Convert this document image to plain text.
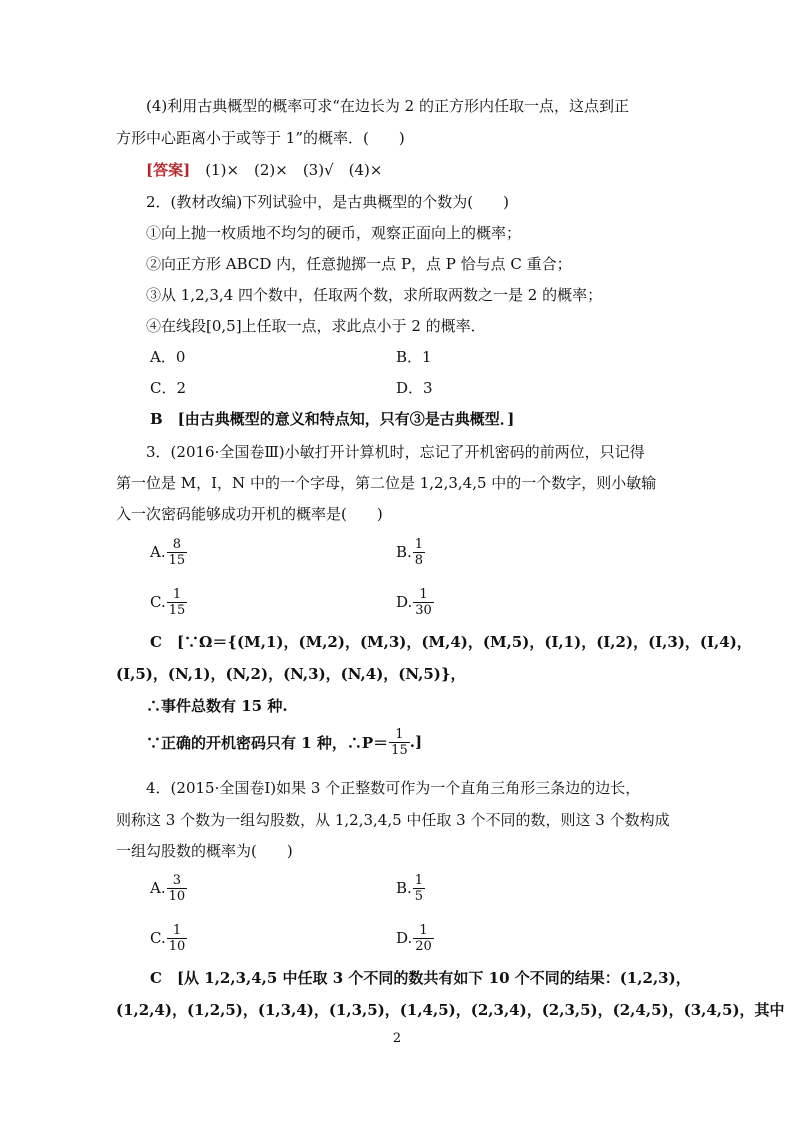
(4)利用古典概型的概率可求“在边长为 2 的正方形内任取一点，这点到正
方形中心距离小于或等于 1”的概率．(　　)
[答案]　(1)×　(2)×　(3)√　(4)×
2．(教材改编)下列试验中，是古典概型的个数为(　　)
①向上抛一枚质地不均匀的硬币，观察正面向上的概率；
②向正方形 ABCD 内，任意抛掷一点 P，点 P 恰与点 C 重合；
③从 1,2,3,4 四个数中，任取两个数，求所取两数之一是 2 的概率；
④在线段[0,5]上任取一点，求此点小于 2 的概率．
A．0	B．1
C．2	D．3
B　[由古典概型的意义和特点知，只有③是古典概型．]
3．(2016·全国卷Ⅲ)小敏打开计算机时，忘记了开机密码的前两位，只记得
第一位是 M，I，N 中的一个字母，第二位是 1,2,3,4,5 中的一个数字，则小敏输
入一次密码能够成功开机的概率是(　　)
A. $\frac{8}{15}$	B. $\frac{1}{8}$
C. $\frac{1}{15}$	D. $\frac{1}{30}$
C　[∵Ω＝{(M,1)，(M,2)，(M,3)，(M,4)，(M,5)，(I,1)，(I,2)，(I,3)，(I,4)，
(I,5)，(N,1)，(N,2)，(N,3)，(N,4)，(N,5)}，
∴事件总数有 15 种.
∵正确的开机密码只有 1 种，∴P＝ $\frac{1}{15}$ .]
4．(2015·全国卷Ⅰ)如果 3 个正整数可作为一个直角三角形三条边的边长，
则称这 3 个数为一组勾股数，从 1,2,3,4,5 中任取 3 个不同的数，则这 3 个数构成
一组勾股数的概率为(　　)
A. $\frac{3}{10}$	B. $\frac{1}{5}$
C. $\frac{1}{10}$	D. $\frac{1}{20}$
C　[从 1,2,3,4,5 中任取 3 个不同的数共有如下 10 个不同的结果：(1,2,3)，
(1,2,4)，(1,2,5)，(1,3,4)，(1,3,5)，(1,4,5)，(2,3,4)，(2,3,5)，(2,4,5)，(3,4,5)，其中
2
